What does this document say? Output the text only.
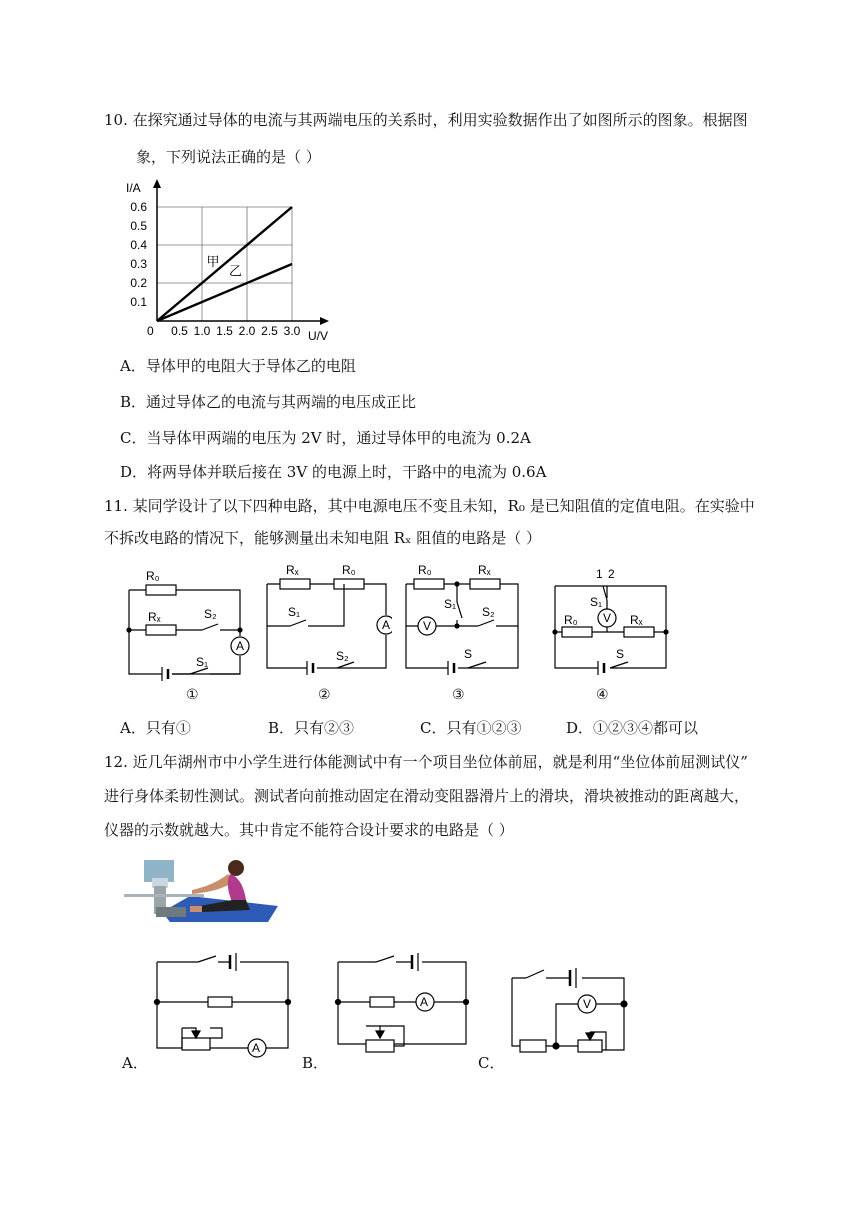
10. 在探究通过导体的电流与其两端电压的关系时，利用实验数据作出了如图所示的图象。根据图
象，下列说法正确的是（ ）
甲
乙
0.1
0.2
0.3
0.4
0.5
0.6
0.5 1.0 1.5 2.0 2.5 3.0
0
I/A
U/V
A．导体甲的电阻大于导体乙的电阻
B．通过导体乙的电流与其两端的电压成正比
C．当导体甲两端的电压为 2V 时，通过导体甲的电流为 0.2A
D．将两导体并联后接在 3V 的电源上时，干路中的电流为 0.6A
11. 某同学设计了以下四种电路，其中电源电压不变且未知，R₀ 是已知阻值的定值电阻。在实验中
不拆改电路的情况下，能够测量出未知电阻 Rₓ 阻值的电路是（ ）
R₀
Rₓ	S₂
S₁
A
①
Rₓ	R₀
S₁
S₂
A
②
R₀	Rₓ
S₁
S₂
V
S
③
1 2
S₁
V
R₀	Rₓ
S
④
A．只有①	B．只有②③	C．只有①②③	D．①②③④都可以
12. 近几年湖州市中小学生进行体能测试中有一个项目坐位体前屈，就是利用“坐位体前屈测试仪”
进行身体柔韧性测试。测试者向前推动固定在滑动变阻器滑片上的滑块，滑块被推动的距离越大，
仪器的示数就越大。其中肯定不能符合设计要求的电路是（ ）
A
A．
A
B．
V
C．
